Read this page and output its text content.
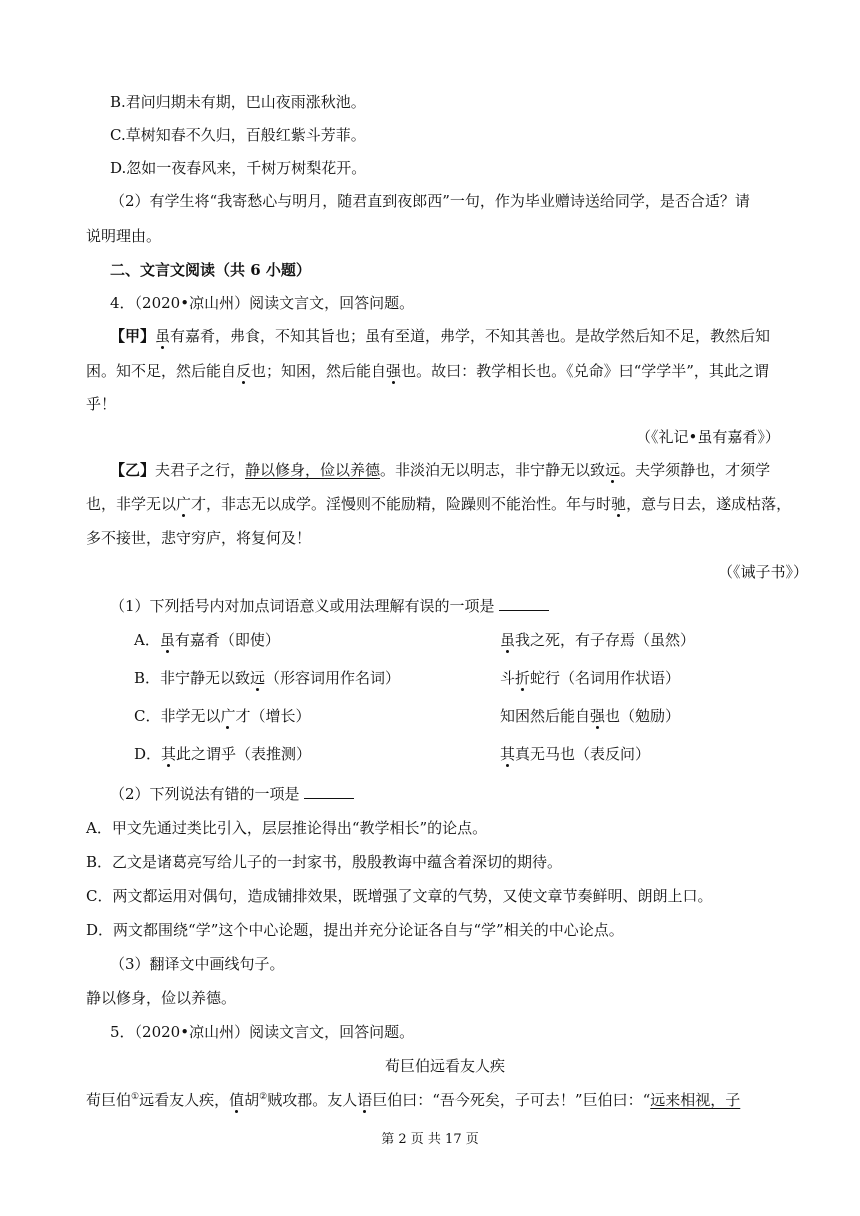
B.君问归期未有期，巴山夜雨涨秋池。
C.草树知春不久归，百般红紫斗芳菲。
D.忽如一夜春风来，千树万树梨花开。
（2）有学生将“我寄愁心与明月，随君直到夜郎西”一句，作为毕业赠诗送给同学，是否合适？请
说明理由。
二、文言文阅读（共 6 小题）
4．（2020•凉山州）阅读文言文，回答问题。
【甲】虽有嘉肴，弗食，不知其旨也；虽有至道，弗学，不知其善也。是故学然后知不足，教然后知
困。知不足，然后能自反也；知困，然后能自强也。故曰：教学相长也。《兑命》曰“学学半”，其此之谓
乎！
（《礼记•虽有嘉肴》）
【乙】夫君子之行，静以修身，俭以养德。非淡泊无以明志，非宁静无以致远。夫学须静也，才须学
也，非学无以广才，非志无以成学。淫慢则不能励精，险躁则不能治性。年与时驰，意与日去，遂成枯落，
多不接世，悲守穷庐，将复何及！
（《诫子书》）
（1）下列括号内对加点词语意义或用法理解有误的一项是
A．虽有嘉肴（即使）	虽我之死，有子存焉（虽然）
B．非宁静无以致远（形容词用作名词）	斗折蛇行（名词用作状语）
C．非学无以广才（增长）	知困然后能自强也（勉励）
D．其此之谓乎（表推测）	其真无马也（表反问）
（2）下列说法有错的一项是
A．甲文先通过类比引入，层层推论得出“教学相长”的论点。
B．乙文是诸葛亮写给儿子的一封家书，殷殷教诲中蕴含着深切的期待。
C．两文都运用对偶句，造成铺排效果，既增强了文章的气势，又使文章节奏鲜明、朗朗上口。
D．两文都围绕“学”这个中心论题，提出并充分论证各自与“学”相关的中心论点。
（3）翻译文中画线句子。
静以修身，俭以养德。
5．（2020•凉山州）阅读文言文，回答问题。
荀巨伯远看友人疾
荀巨伯①远看友人疾，值胡②贼攻郡。友人语巨伯曰：“吾今死矣，子可去！”巨伯曰：“远来相视，子
第 2 页 共 17 页
